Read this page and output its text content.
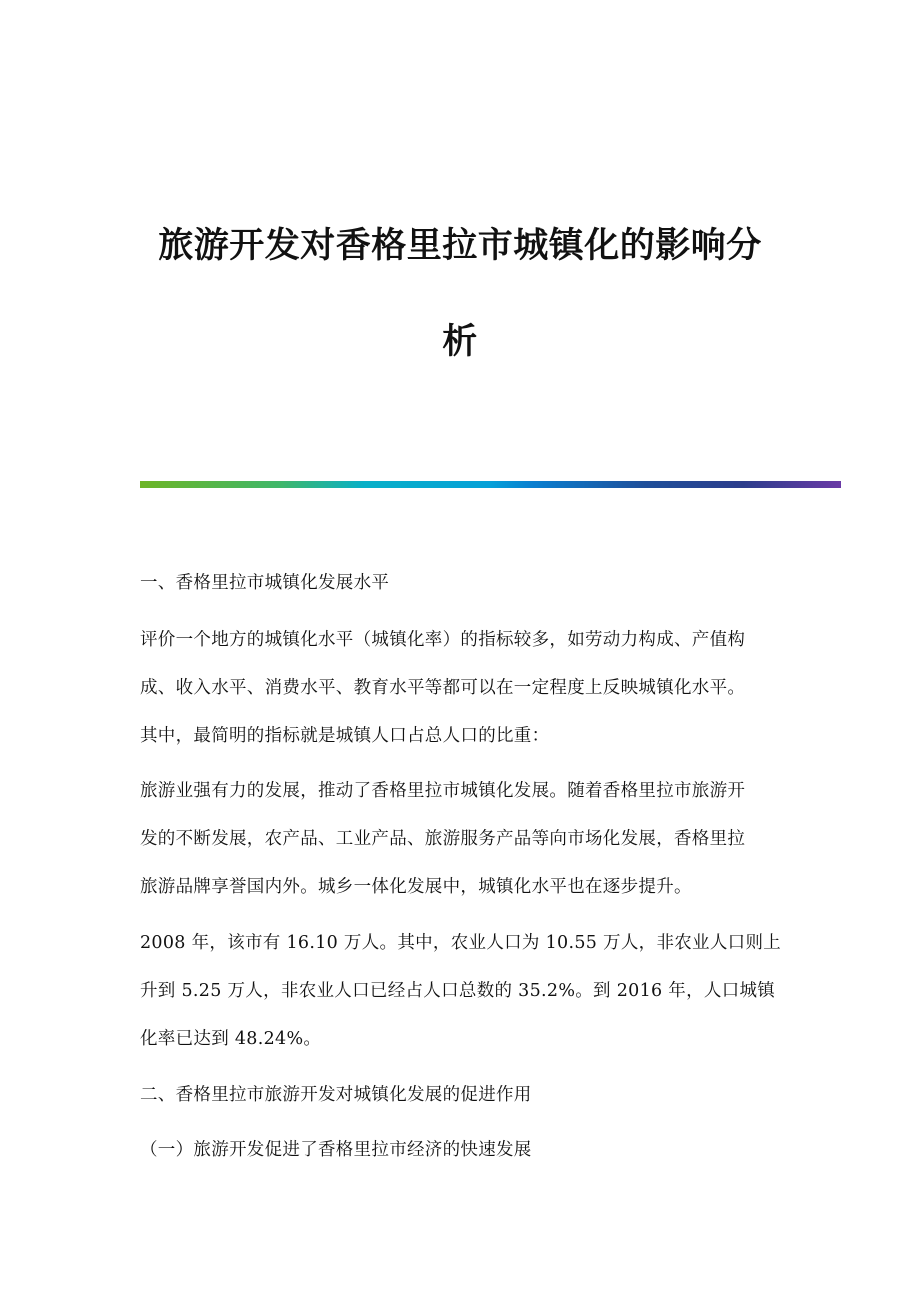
旅游开发对香格里拉市城镇化的影响分
析
一、香格里拉市城镇化发展水平
评价一个地方的城镇化水平（城镇化率）的指标较多，如劳动力构成、产值构
成、收入水平、消费水平、教育水平等都可以在一定程度上反映城镇化水平。
其中，最简明的指标就是城镇人口占总人口的比重：
旅游业强有力的发展，推动了香格里拉市城镇化发展。随着香格里拉市旅游开
发的不断发展，农产品、工业产品、旅游服务产品等向市场化发展，香格里拉
旅游品牌享誉国内外。城乡一体化发展中，城镇化水平也在逐步提升。
2008 年，该市有 16.10 万人。其中，农业人口为 10.55 万人，非农业人口则上
升到 5.25 万人，非农业人口已经占人口总数的 35.2%。到 2016 年，人口城镇
化率已达到 48.24%。
二、香格里拉市旅游开发对城镇化发展的促进作用
（一）旅游开发促进了香格里拉市经济的快速发展
